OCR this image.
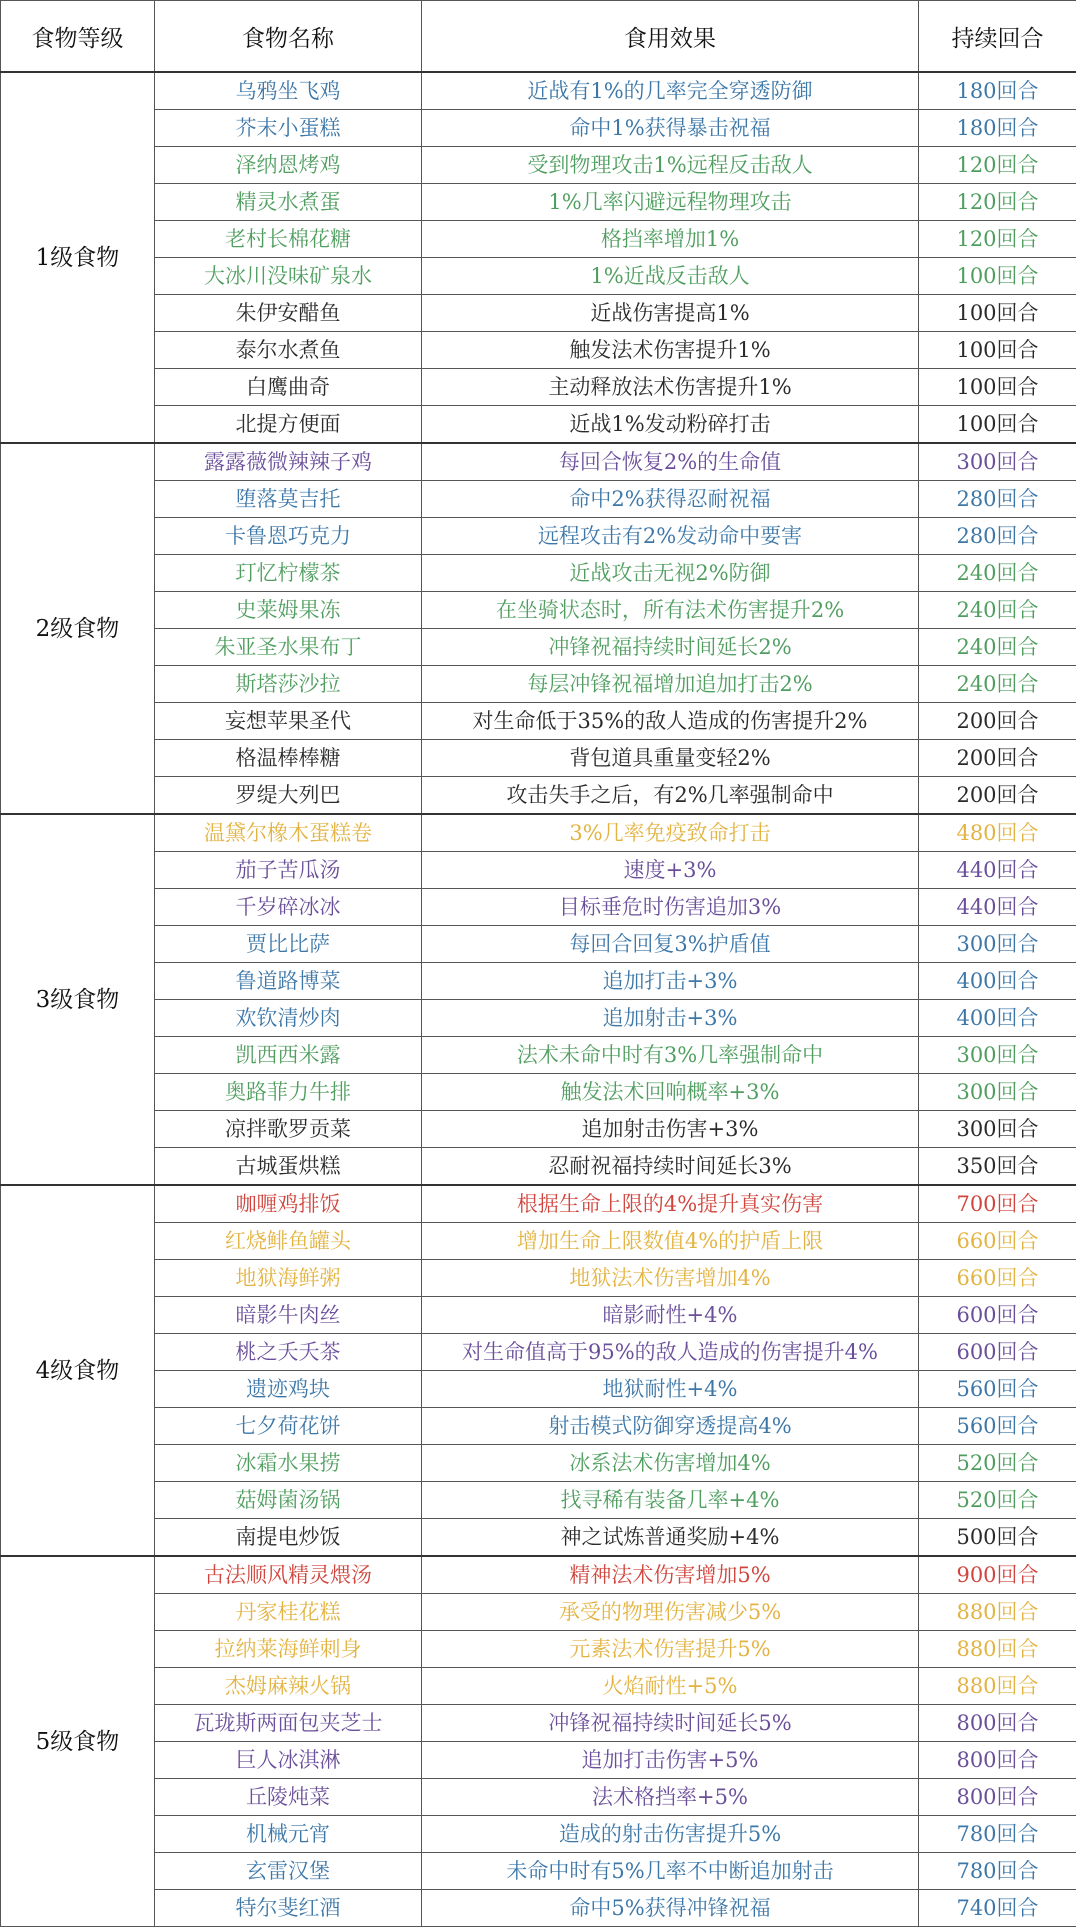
食物等级	食物名称	食用效果	持续回合
1级食物	乌鸦坐飞鸡	近战有1%的几率完全穿透防御	180回合
	芥末小蛋糕	命中1%获得暴击祝福	180回合
	泽纳恩烤鸡	受到物理攻击1%远程反击敌人	120回合
	精灵水煮蛋	1%几率闪避远程物理攻击	120回合
	老村长棉花糖	格挡率增加1%	120回合
	大冰川没味矿泉水	1%近战反击敌人	100回合
	朱伊安醋鱼	近战伤害提高1%	100回合
	泰尔水煮鱼	触发法术伤害提升1%	100回合
	白鹰曲奇	主动释放法术伤害提升1%	100回合
	北提方便面	近战1%发动粉碎打击	100回合
2级食物	露露薇微辣辣子鸡	每回合恢复2%的生命值	300回合
	堕落莫吉托	命中2%获得忍耐祝福	280回合
	卡鲁恩巧克力	远程攻击有2%发动命中要害	280回合
	玎忆柠檬茶	近战攻击无视2%防御	240回合
	史莱姆果冻	在坐骑状态时，所有法术伤害提升2%	240回合
	朱亚圣水果布丁	冲锋祝福持续时间延长2%	240回合
	斯塔莎沙拉	每层冲锋祝福增加追加打击2%	240回合
	妄想苹果圣代	对生命低于35%的敌人造成的伤害提升2%	200回合
	格温棒棒糖	背包道具重量变轻2%	200回合
	罗缇大列巴	攻击失手之后，有2%几率强制命中	200回合
3级食物	温黛尔橡木蛋糕卷	3%几率免疫致命打击	480回合
	茄子苦瓜汤	速度+3%	440回合
	千岁碎冰冰	目标垂危时伤害追加3%	440回合
	贾比比萨	每回合回复3%护盾值	300回合
	鲁道路博菜	追加打击+3%	400回合
	欢钦清炒肉	追加射击+3%	400回合
	凯西西米露	法术未命中时有3%几率强制命中	300回合
	奥路菲力牛排	触发法术回响概率+3%	300回合
	凉拌歌罗贡菜	追加射击伤害+3%	300回合
	古城蛋烘糕	忍耐祝福持续时间延长3%	350回合
4级食物	咖喱鸡排饭	根据生命上限的4%提升真实伤害	700回合
	红烧鲱鱼罐头	增加生命上限数值4%的护盾上限	660回合
	地狱海鲜粥	地狱法术伤害增加4%	660回合
	暗影牛肉丝	暗影耐性+4%	600回合
	桃之夭夭茶	对生命值高于95%的敌人造成的伤害提升4%	600回合
	遗迹鸡块	地狱耐性+4%	560回合
	七夕荷花饼	射击模式防御穿透提高4%	560回合
	冰霜水果捞	冰系法术伤害增加4%	520回合
	菇姆菌汤锅	找寻稀有装备几率+4%	520回合
	南提电炒饭	神之试炼普通奖励+4%	500回合
5级食物	古法顺风精灵煨汤	精神法术伤害增加5%	900回合
	丹家桂花糕	承受的物理伤害减少5%	880回合
	拉纳莱海鲜刺身	元素法术伤害提升5%	880回合
	杰姆麻辣火锅	火焰耐性+5%	880回合
	瓦珑斯两面包夹芝士	冲锋祝福持续时间延长5%	800回合
	巨人冰淇淋	追加打击伤害+5%	800回合
	丘陵炖菜	法术格挡率+5%	800回合
	机械元宵	造成的射击伤害提升5%	780回合
	玄雷汉堡	未命中时有5%几率不中断追加射击	780回合
	特尔斐红酒	命中5%获得冲锋祝福	740回合
